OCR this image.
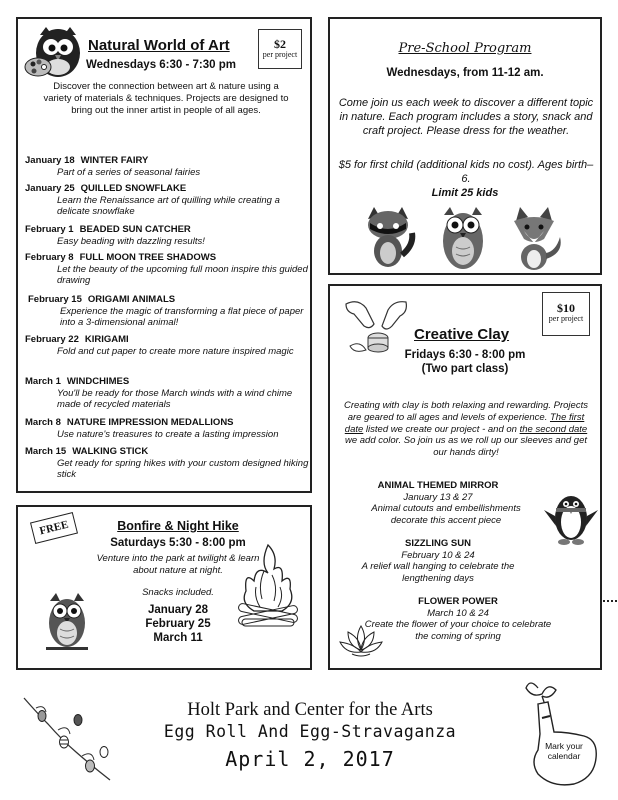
Natural World of Art
Wednesdays 6:30 - 7:30 pm
$2
per project
Discover the connection between art & nature using a variety of materials & techniques. Projects are designed to bring out the inner artist in people of all ages.
January 18 WINTER FAIRY
Part of a series of seasonal fairies
January 25 QUILLED SNOWFLAKE
Learn the Renaissance art of quilling while creating a delicate snowflake
February 1 BEADED SUN CATCHER
Easy beading with dazzling results!
February 8 FULL MOON TREE SHADOWS
Let the beauty of the upcoming full moon inspire this guided drawing
February 15 ORIGAMI ANIMALS
Experience the magic of transforming a flat piece of paper into a 3-dimensional animal!
February 22 KIRIGAMI
Fold and cut paper to create more nature inspired magic
March 1 WINDCHIMES
You'll be ready for those March winds with a wind chime made of recycled materials
March 8 NATURE IMPRESSION MEDALLIONS
Use nature's treasures to create a lasting impression
March 15 WALKING STICK
Get ready for spring hikes with your custom designed hiking stick
Pre-School Program
Wednesdays, from 11-12 am.
Come join us each week to discover a different topic in nature. Each program includes a story, snack and craft project. Please dress for the weather.
$5 for first child (additional kids no cost). Ages birth– 6.
Limit 25 kids
$10
per project
Creative Clay
Fridays 6:30 - 8:00 pm
(Two part class)
Creating with clay is both relaxing and rewarding. Projects are geared to all ages and levels of experience. The first date listed we create our project - and on the second date we add color. So join us as we roll up our sleeves and get our hands dirty!
ANIMAL THEMED MIRROR
January 13 & 27
Animal cutouts and embellishments decorate this accent piece
SIZZLING SUN
February 10 & 24
A relief wall hanging to celebrate the lengthening days
FLOWER POWER
March 10 & 24
Create the flower of your choice to celebrate the coming of spring
FREE	Bonfire & Night Hike
Saturdays 5:30 - 8:00 pm
Venture into the park at twilight & learn about nature at night.
Snacks included.
January 28
February 25
March 11
Holt Park and Center for the Arts
Egg Roll And Egg-Stravaganza
April 2, 2017
Mark your calendar
